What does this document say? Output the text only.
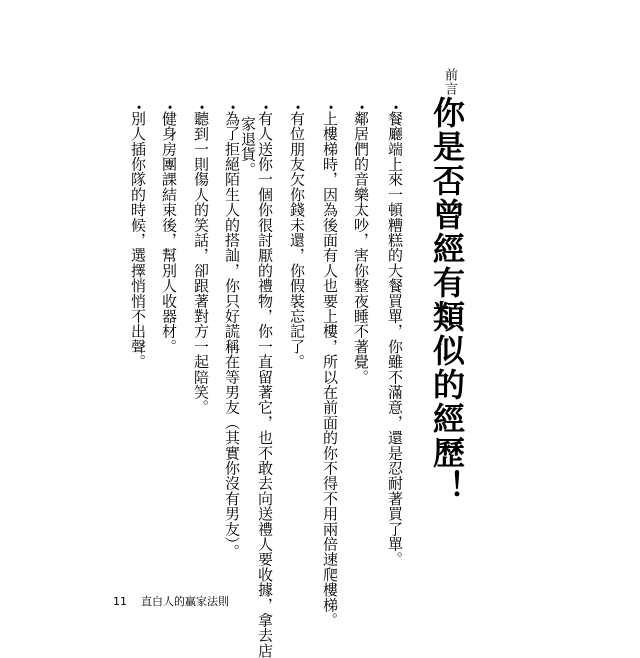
前言
你是否曾經有類似的經歷！
•餐廳端上來一頓糟糕的大餐買單，你雖不滿意，還是忍耐著買了單。
•鄰居們的音樂太吵，害你整夜睡不著覺。
•上樓梯時，因為後面有人也要上樓，所以在前面的你不得不用兩倍速爬樓梯。
•有位朋友欠你錢未還，你假裝忘記了。
•有人送你一個你很討厭的禮物，你一直留著它，也不敢去向送禮人要收據，拿去店
家退貨。
•為了拒絕陌生人的搭訕，你只好謊稱在等男友（其實你沒有男友）。
•聽到一則傷人的笑話，卻跟著對方一起陪笑。
•健身房團課結束後，幫別人收器材。
•別人插你隊的時候，選擇悄悄不出聲。
11 直白人的贏家法則
